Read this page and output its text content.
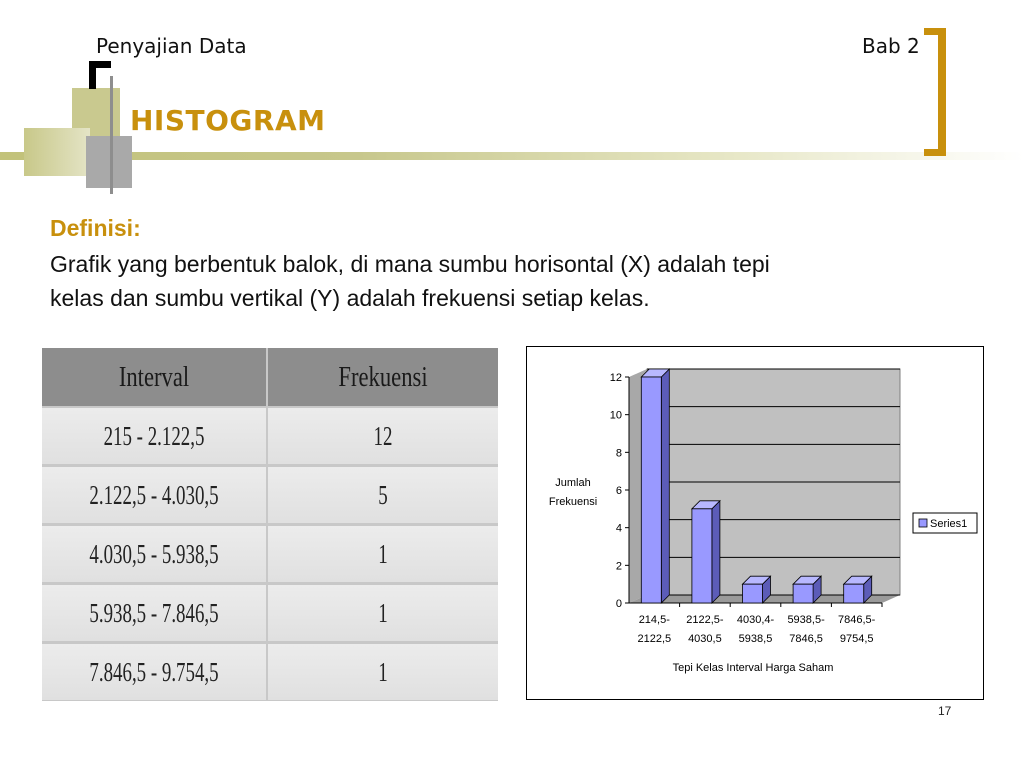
Penyajian Data	Bab 2
HISTOGRAM
Definisi:
Grafik yang berbentuk balok, di mana sumbu horisontal (X) adalah tepi
kelas dan sumbu vertikal (Y) adalah frekuensi setiap kelas.
Interval	Frekuensi
215 - 2.122,5	12
2.122,5 - 4.030,5	5
4.030,5 - 5.938,5	1
5.938,5 - 7.846,5	1
7.846,5 - 9.754,5	1
0
2
4
6
8
10
12
214,5-
2122,5
2122,5-
4030,5
4030,4-
5938,5
5938,5-
7846,5
7846,5-
9754,5
Tepi Kelas Interval Harga Saham
Jumlah
Frekuensi
Series1
17
